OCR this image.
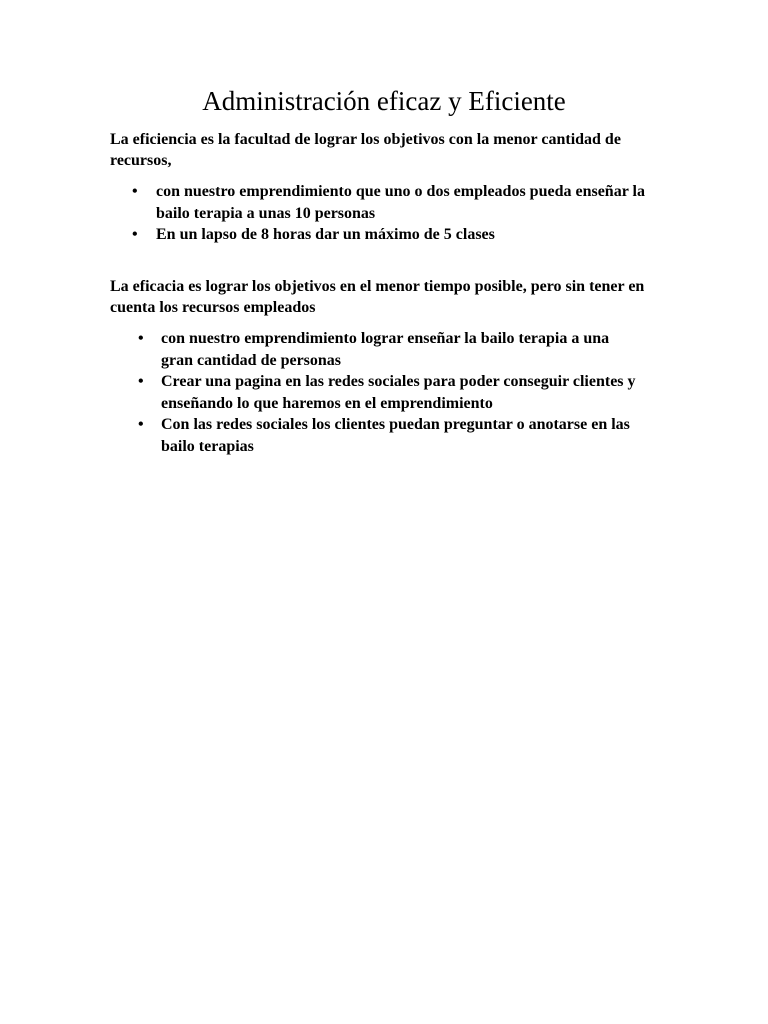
Administración eficaz y Eficiente

La eficiencia es la facultad de lograr los objetivos con la menor cantidad de recursos,

• con nuestro emprendimiento que uno o dos empleados pueda enseñar la bailo terapia a unas 10 personas
• En un lapso de 8 horas dar un máximo de 5 clases

La eficacia es lograr los objetivos en el menor tiempo posible, pero sin tener en cuenta los recursos empleados

• con nuestro emprendimiento lograr enseñar la bailo terapia a una gran cantidad de personas
• Crear una pagina en las redes sociales para poder conseguir clientes y enseñando lo que haremos en el emprendimiento
• Con las redes sociales los clientes puedan preguntar o anotarse en las bailo terapias
